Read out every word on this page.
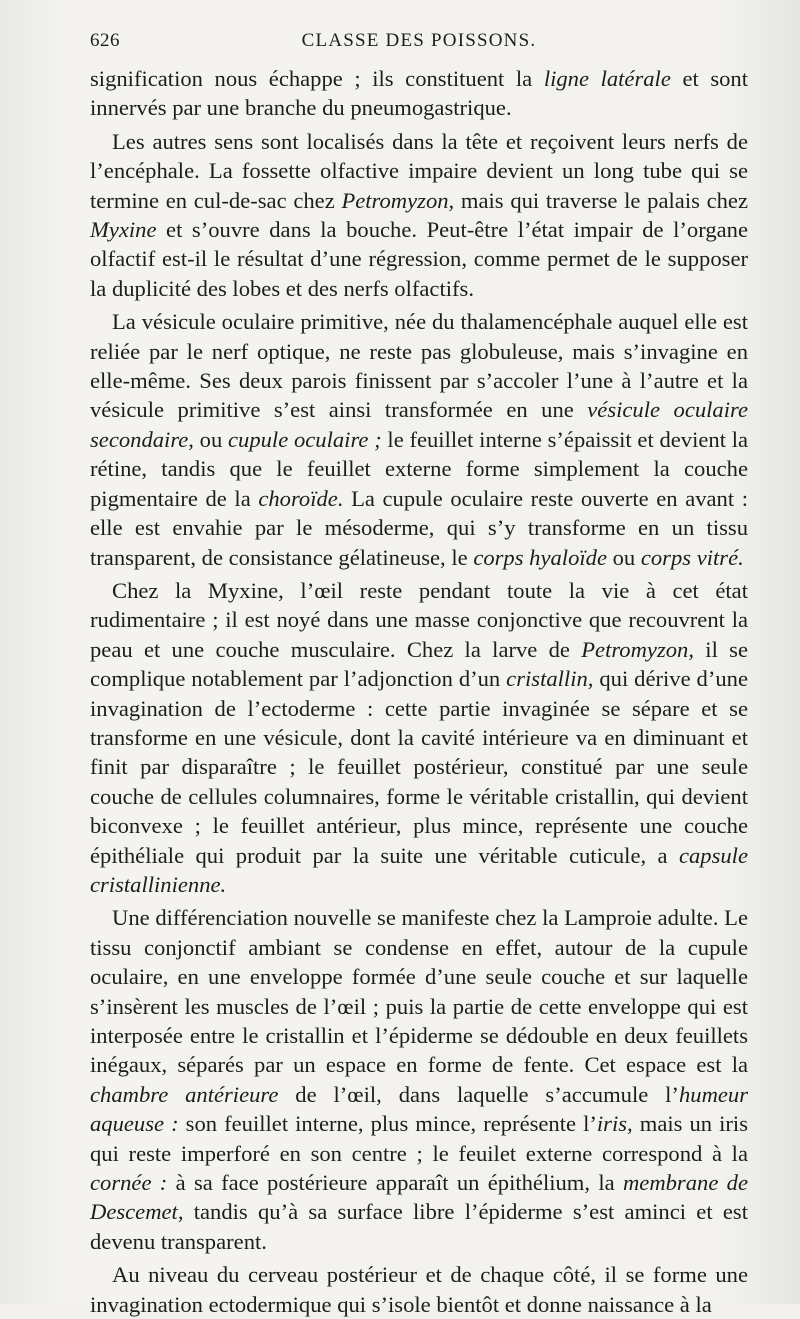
626	CLASSE DES POISSONS.

signification nous échappe ; ils constituent la ligne latérale et sont innervés par une branche du pneumogastrique.

Les autres sens sont localisés dans la tête et reçoivent leurs nerfs de l’encéphale. La fossette olfactive impaire devient un long tube qui se termine en cul-de-sac chez Petromyzon, mais qui traverse le palais chez Myxine et s’ouvre dans la bouche. Peut-être l’état impair de l’organe olfactif est-il le résultat d’une régression, comme permet de le supposer la duplicité des lobes et des nerfs olfactifs.

La vésicule oculaire primitive, née du thalamencéphale auquel elle est reliée par le nerf optique, ne reste pas globuleuse, mais s’invagine en elle-même. Ses deux parois finissent par s’accoler l’une à l’autre et la vésicule primitive s’est ainsi transformée en une vésicule oculaire secondaire, ou cupule oculaire ; le feuillet interne s’épaissit et devient la rétine, tandis que le feuillet externe forme simplement la couche pigmentaire de la choroïde. La cupule oculaire reste ouverte en avant : elle est envahie par le mésoderme, qui s’y transforme en un tissu transparent, de consistance gélatineuse, le corps hyaloïde ou corps vitré.

Chez la Myxine, l’œil reste pendant toute la vie à cet état rudimentaire ; il est noyé dans une masse conjonctive que recouvrent la peau et une couche musculaire. Chez la larve de Petromyzon, il se complique notablement par l’adjonction d’un cristallin, qui dérive d’une invagination de l’ectoderme : cette partie invaginée se sépare et se transforme en une vésicule, dont la cavité intérieure va en diminuant et finit par disparaître ; le feuillet postérieur, constitué par une seule couche de cellules columnaires, forme le véritable cristallin, qui devient biconvexe ; le feuillet antérieur, plus mince, représente une couche épithéliale qui produit par la suite une véritable cuticule, a capsule cristallinienne.

Une différenciation nouvelle se manifeste chez la Lamproie adulte. Le tissu conjonctif ambiant se condense en effet, autour de la cupule oculaire, en une enveloppe formée d’une seule couche et sur laquelle s’insèrent les muscles de l’œil ; puis la partie de cette enveloppe qui est interposée entre le cristallin et l’épiderme se dédouble en deux feuillets inégaux, séparés par un espace en forme de fente. Cet espace est la chambre antérieure de l’œil, dans laquelle s’accumule l’humeur aqueuse : son feuillet interne, plus mince, représente l’iris, mais un iris qui reste imperforé en son centre ; le feuilet externe correspond à la cornée : à sa face postérieure apparaît un épithélium, la membrane de Descemet, tandis qu’à sa surface libre l’épiderme s’est aminci et est devenu transparent.

Au niveau du cerveau postérieur et de chaque côté, il se forme une invagination ectodermique qui s’isole bientôt et donne naissance à la
